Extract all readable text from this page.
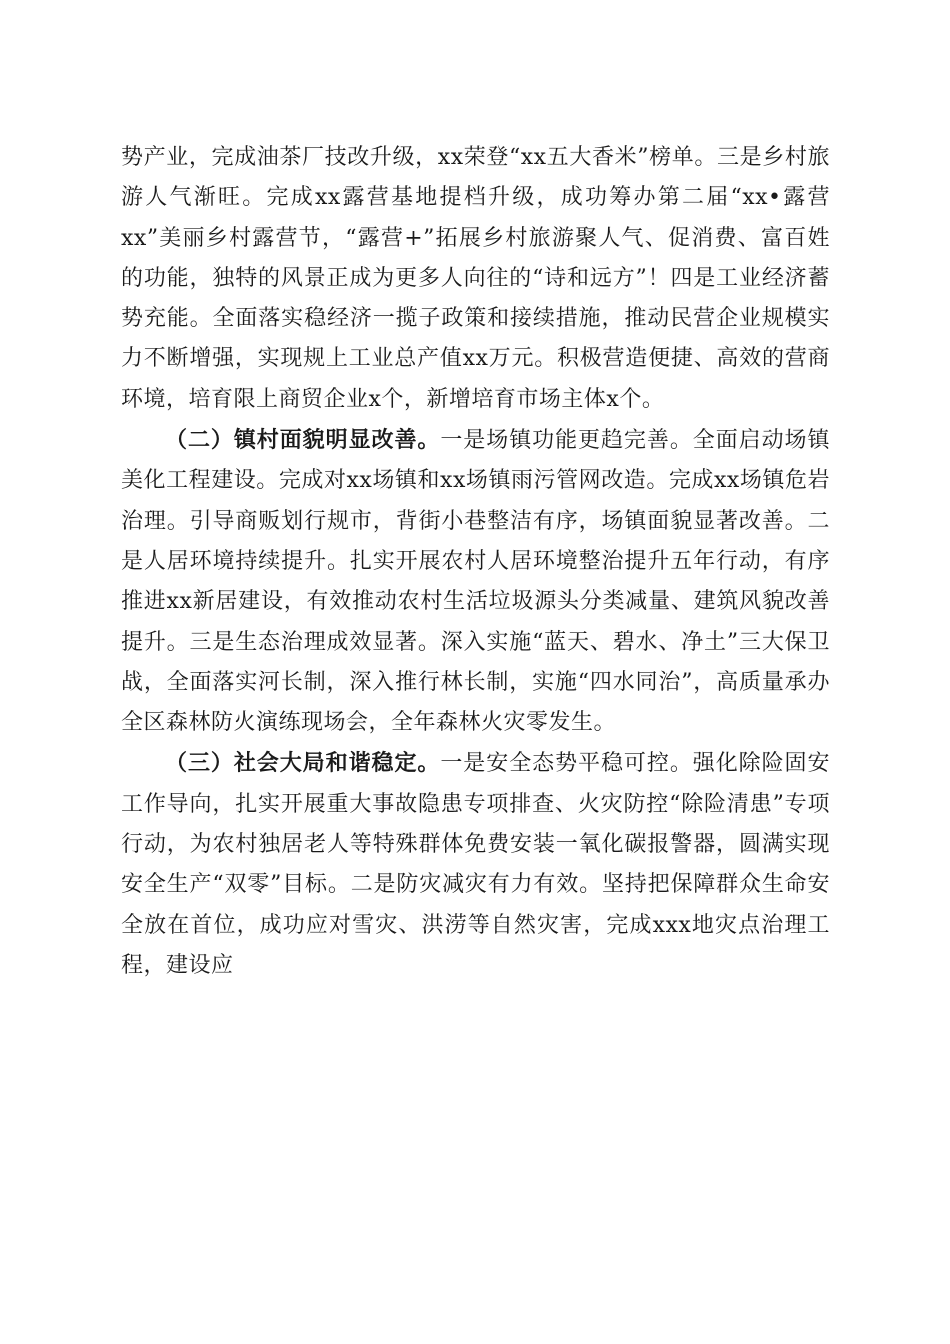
势产业，完成油茶厂技改升级，xx荣登“xx五大香米”榜单。三是乡村旅游人气渐旺。完成xx露营基地提档升级，成功筹办第二届“xx•露营xx”美丽乡村露营节，“露营+”拓展乡村旅游聚人气、促消费、富百姓的功能，独特的风景正成为更多人向往的“诗和远方”！四是工业经济蓄势充能。全面落实稳经济一揽子政策和接续措施，推动民营企业规模实力不断增强，实现规上工业总产值xx万元。积极营造便捷、高效的营商环境，培育限上商贸企业x个，新增培育市场主体x个。

（二）镇村面貌明显改善。一是场镇功能更趋完善。全面启动场镇美化工程建设。完成对xx场镇和xx场镇雨污管网改造。完成xx场镇危岩治理。引导商贩划行规市，背街小巷整洁有序，场镇面貌显著改善。二是人居环境持续提升。扎实开展农村人居环境整治提升五年行动，有序推进xx新居建设，有效推动农村生活垃圾源头分类减量、建筑风貌改善提升。三是生态治理成效显著。深入实施“蓝天、碧水、净土”三大保卫战，全面落实河长制，深入推行林长制，实施“四水同治”，高质量承办全区森林防火演练现场会，全年森林火灾零发生。

（三）社会大局和谐稳定。一是安全态势平稳可控。强化除险固安工作导向，扎实开展重大事故隐患专项排查、火灾防控“除险清患”专项行动，为农村独居老人等特殊群体免费安装一氧化碳报警器，圆满实现安全生产“双零”目标。二是防灾减灾有力有效。坚持把保障群众生命安全放在首位，成功应对雪灾、洪涝等自然灾害，完成xxx地灾点治理工程，建设应
